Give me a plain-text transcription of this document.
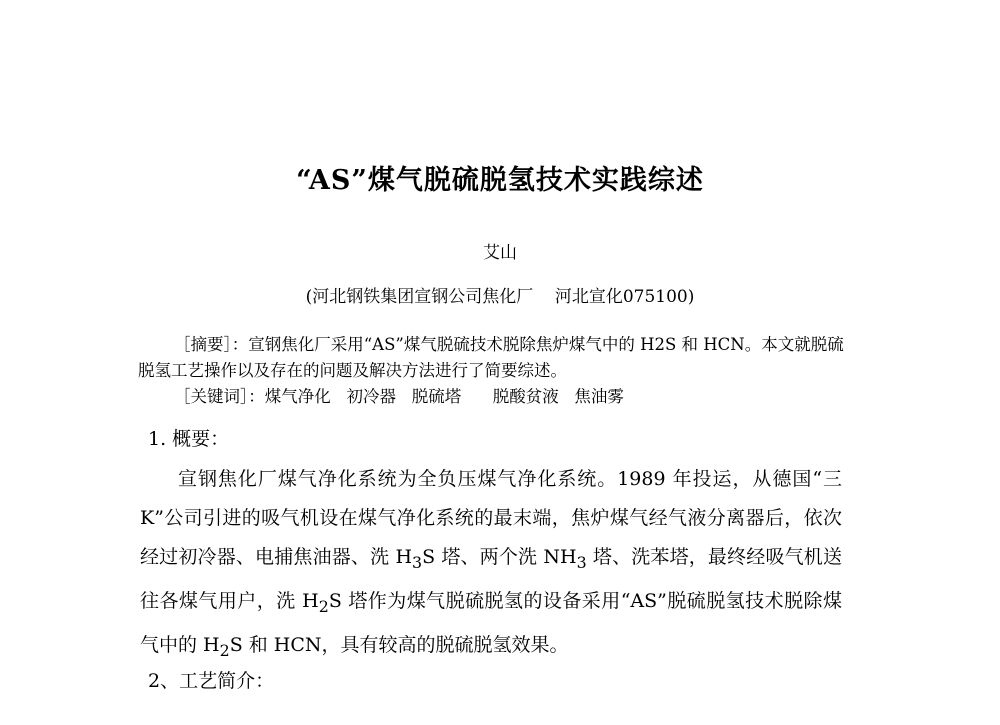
“AS”煤气脱硫脱氢技术实践综述
艾山
(河北钢铁集团宣钢公司焦化厂    河北宣化075100)

［摘要］：宣钢焦化厂采用“AS”煤气脱硫技术脱除焦炉煤气中的 H2S 和 HCN。本文就脱硫脱氢工艺操作以及存在的问题及解决方法进行了简要综述。

［关键词］：煤气净化   初冷器   脱硫塔      脱酸贫液   焦油雾

1. 概要：

宣钢焦化厂煤气净化系统为全负压煤气净化系统。1989 年投运，从德国“三K”公司引进的吸气机设在煤气净化系统的最末端，焦炉煤气经气液分离器后，依次经过初冷器、电捕焦油器、洗 $H_3S$ 塔、两个洗 $NH_3$ 塔、洗苯塔，最终经吸气机送往各煤气用户，洗 $H_2S$ 塔作为煤气脱硫脱氢的设备采用“AS”脱硫脱氢技术脱除煤气中的 $H_2S$ 和 HCN，具有较高的脱硫脱氢效果。

2、工艺简介：
